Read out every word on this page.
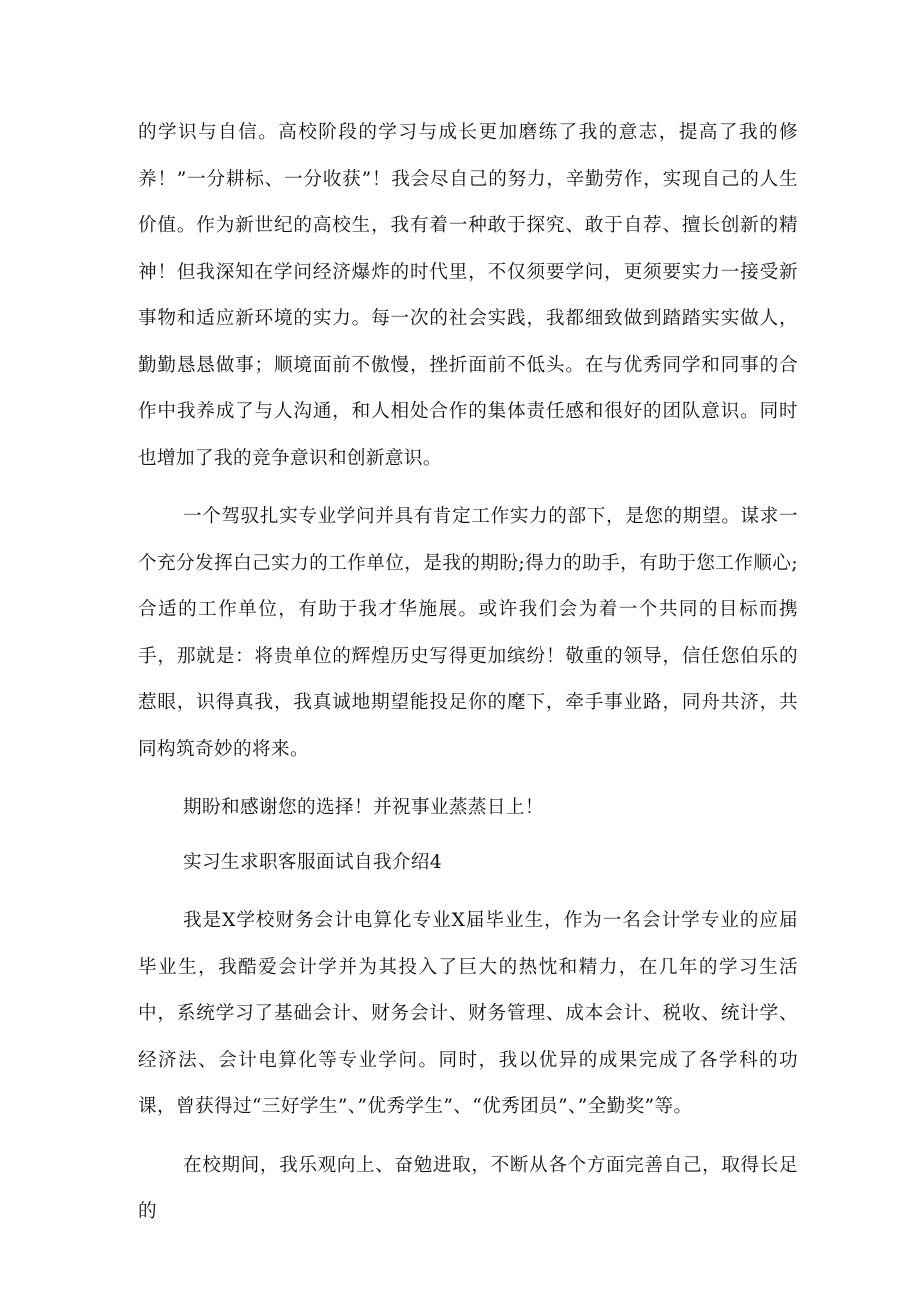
的学识与自信。高校阶段的学习与成长更加磨练了我的意志，提高了我的修养！”一分耕标、一分收获”！我会尽自己的努力，辛勤劳作，实现自己的人生价值。作为新世纪的高校生，我有着一种敢于探究、敢于自荐、擅长创新的精神！但我深知在学问经济爆炸的时代里，不仅须要学问，更须要实力一接受新事物和适应新环境的实力。每一次的社会实践，我都细致做到踏踏实实做人，勤勤恳恳做事；顺境面前不傲慢，挫折面前不低头。在与优秀同学和同事的合作中我养成了与人沟通，和人相处合作的集体责任感和很好的团队意识。同时也增加了我的竞争意识和创新意识。

一个驾驭扎实专业学问并具有肯定工作实力的部下，是您的期望。谋求一个充分发挥白己实力的工作单位，是我的期盼;得力的助手，有助于您工作顺心;合适的工作单位，有助于我才华施展。或许我们会为着一个共同的目标而携手，那就是：将贵单位的辉煌历史写得更加缤纷！敬重的领导，信任您伯乐的惹眼，识得真我，我真诚地期望能投足你的麾下，牵手事业路，同舟共济，共同构筑奇妙的将来。

期盼和感谢您的选择！并祝事业蒸蒸日上！

实习生求职客服面试自我介绍4

我是X学校财务会计电算化专业X届毕业生，作为一名会计学专业的应届毕业生，我酷爱会计学并为其投入了巨大的热忱和精力，在几年的学习生活中，系统学习了基础会计、财务会计、财务管理、成本会计、税收、统计学、经济法、会计电算化等专业学问。同时，我以优异的成果完成了各学科的功课，曾获得过“三好学生”、”优秀学生”、“优秀团员”、”全勤奖”等。

在校期间，我乐观向上、奋勉进取，不断从各个方面完善自己，取得长足的
